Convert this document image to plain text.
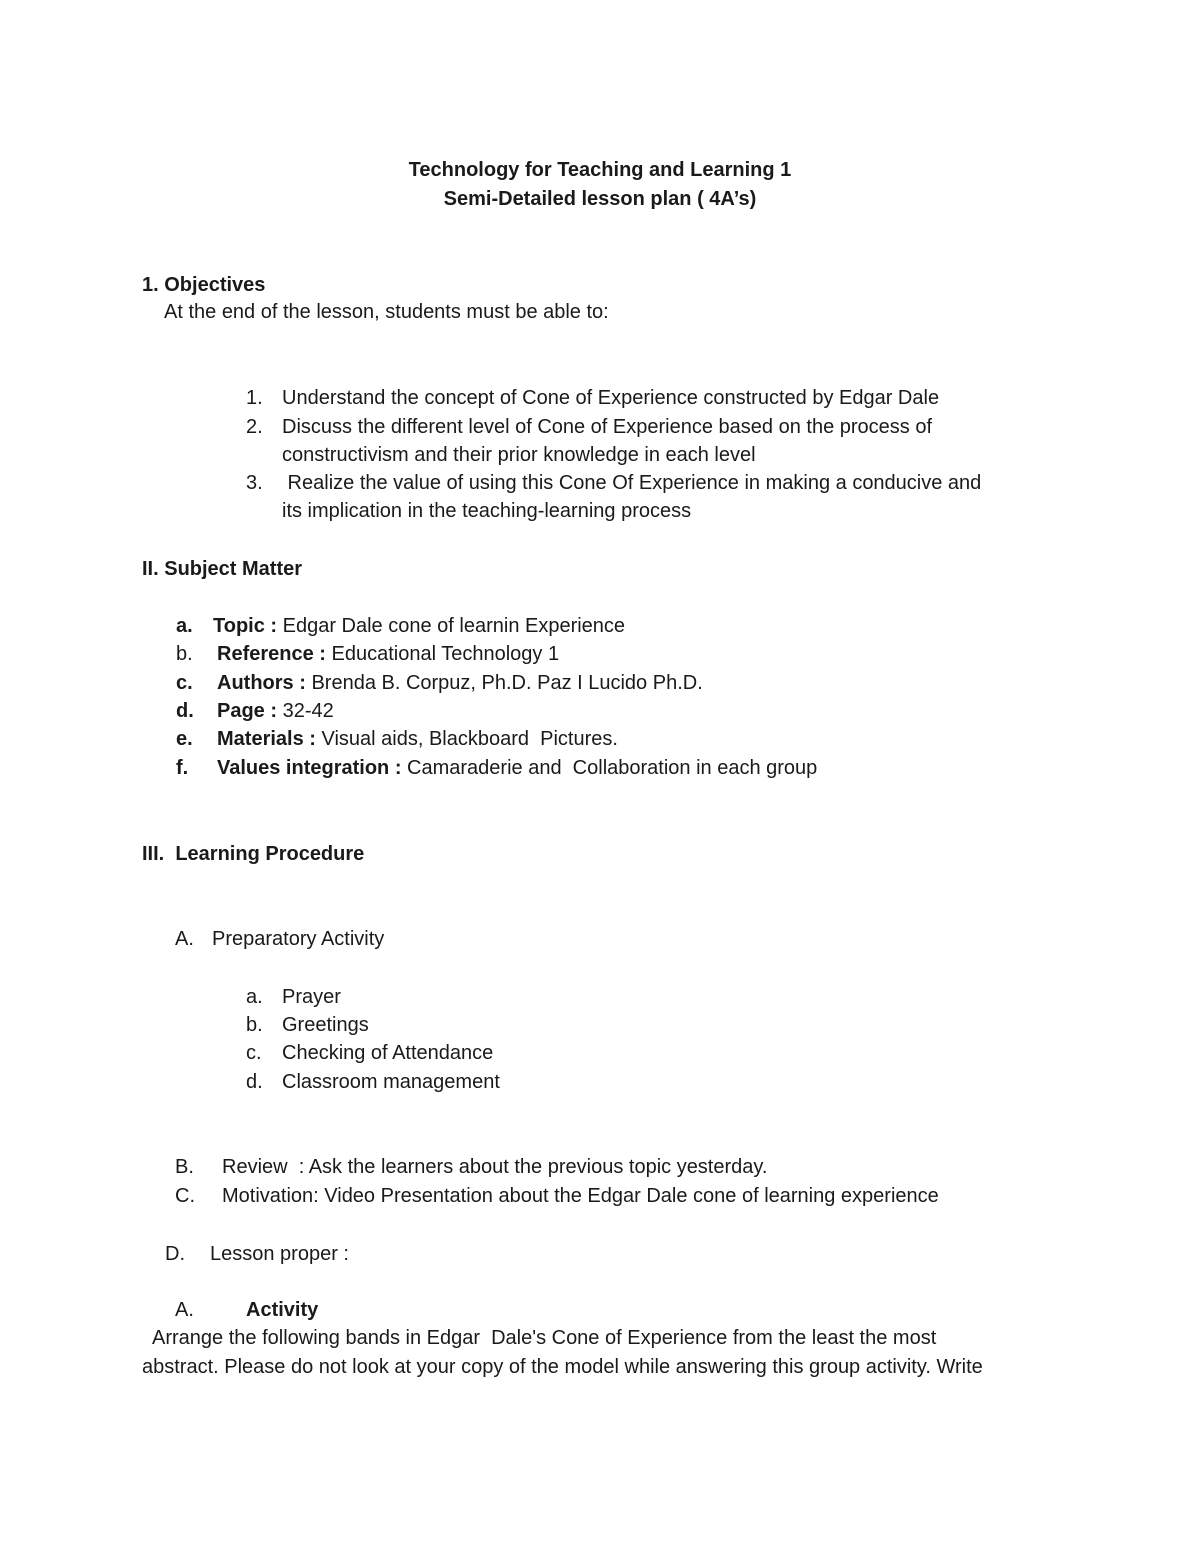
Technology for Teaching and Learning 1
Semi-Detailed lesson plan ( 4A’s)
1. Objectives
At the end of the lesson, students must be able to:
1. Understand the concept of Cone of Experience constructed by Edgar Dale
2. Discuss the different level of Cone of Experience based on the process of
constructivism and their prior knowledge in each level
3. Realize the value of using this Cone Of Experience in making a conducive and
its implication in the teaching-learning process
II. Subject Matter
a. Topic : Edgar Dale cone of learnin Experience
b. Reference : Educational Technology 1
c. Authors : Brenda B. Corpuz, Ph.D. Paz I Lucido Ph.D.
d. Page : 32-42
e. Materials : Visual aids, Blackboard  Pictures.
f. Values integration : Camaraderie and  Collaboration in each group
III.  Learning Procedure
A. Preparatory Activity
a. Prayer
b. Greetings
c. Checking of Attendance
d. Classroom management
B. Review  : Ask the learners about the previous topic yesterday.
C. Motivation: Video Presentation about the Edgar Dale cone of learning experience
D. Lesson proper :
A.	Activity
Arrange the following bands in Edgar  Dale's Cone of Experience from the least the most
abstract. Please do not look at your copy of the model while answering this group activity. Write
